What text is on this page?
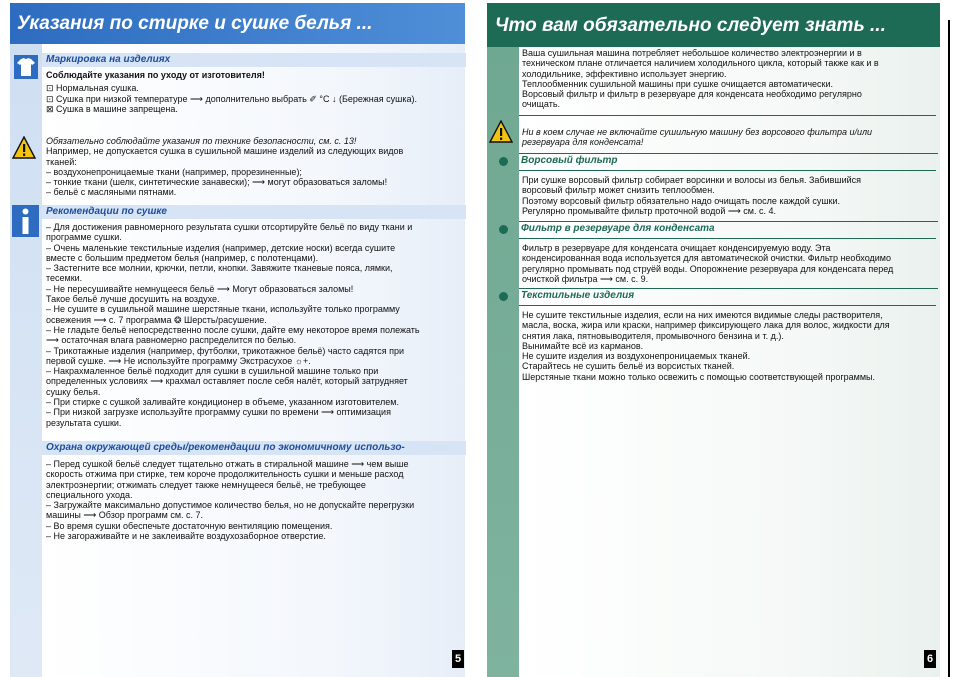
Указания по стирке и сушке белья ...
Маркировка на изделиях
Соблюдайте указания по уходу от изготовителя!
⊡ Нормальная сушка.
⊡ Сушка при низкой температуре ⟶ дополнительно выбрать ✐ °C ↓ (Бережная сушка).
⊠ Сушка в машине запрещена.
Обязательно соблюдайте указания по технике безопасности, см. с. 13!
Например, не допускается сушка в сушильной машине изделий из следующих видов
тканей:
– воздухонепроницаемые ткани (например, прорезиненные);
– тонкие ткани (шелк, синтетические занавески); ⟶ могут образоваться заломы!
– бельё с масляными пятнами.
Рекомендации по сушке
– Для достижения равномерного результата сушки отсортируйте бельё по виду ткани и
программе сушки.
– Очень маленькие текстильные изделия (например, детские носки) всегда сушите
вместе с большим предметом белья (например, с полотенцами).
– Застегните все молнии, крючки, петли, кнопки. Завяжите тканевые пояса, лямки,
тесемки.
– Не пересушивайте немнущееся бельё ⟶ Могут образоваться заломы!
Такое бельё лучше досушить на воздухе.
– Не сушите в сушильной машине шерстяные ткани, используйте только программу
освежения ⟶ с. 7 программа ❂ Шерсть/расушение.
– Не гладьте бельё непосредственно после сушки, дайте ему некоторое время полежать
⟶ остаточная влага равномерно распределится по белью.
– Трикотажные изделия (например, футболки, трикотажное бельё) часто садятся при
первой сушке. ⟶ Не используйте программу Экстрасухое ☼+.
– Накрахмаленное бельё подходит для сушки в сушильной машине только при
определенных условиях ⟶ крахмал оставляет после себя налёт, который затрудняет
сушку белья.
– При стирке с сушкой заливайте кондиционер в объеме, указанном изготовителем.
– При низкой загрузке используйте программу сушки по времени ⟶ оптимизация
результата сушки.
Охрана окружающей среды/рекомендации по экономичному использо-
– Перед сушкой бельё следует тщательно отжать в стиральной машине ⟶ чем выше
скорость отжима при стирке, тем короче продолжительность сушки и меньше расход
электроэнергии; отжимать следует также немнущееся бельё, не требующее
специального ухода.
– Загружайте максимально допустимое количество белья, но не допускайте перегрузки
машины ⟶ Обзор программ см. с. 7.
– Во время сушки обеспечьте достаточную вентиляцию помещения.
– Не загораживайте и не заклеивайте воздухозаборное отверстие.
5
Что вам обязательно следует знать ...
Ваша сушильная машина потребляет небольшое количество электроэнергии и в
техническом плане отличается наличием холодильного цикла, который также как и в
холодильнике, эффективно использует энергию.
Теплообменник сушильной машины при сушке очищается автоматически.
Ворсовый фильтр и фильтр в резервуаре для конденсата необходимо регулярно
очищать.
Ни в коем случае не включайте сушильную машину без ворсового фильтра и/или
резервуара для конденсата!
Ворсовый фильтр
При сушке ворсовый фильтр собирает ворсинки и волосы из белья. Забившийся
ворсовый фильтр может снизить теплообмен.
Поэтому ворсовый фильтр обязательно надо очищать после каждой сушки.
Регулярно промывайте фильтр проточной водой ⟶ см. с. 4.
Фильтр в резервуаре для конденсата
Фильтр в резервуаре для конденсата очищает конденсируемую воду. Эта
конденсированная вода используется для автоматической очистки. Фильтр необходимо
регулярно промывать под струёй воды. Опорожнение резервуара для конденсата перед
очисткой фильтра ⟶ см. с. 9.
Текстильные изделия
Не сушите текстильные изделия, если на них имеются видимые следы растворителя,
масла, воска, жира или краски, например фиксирующего лака для волос, жидкости для
снятия лака, пятновыводителя, промывочного бензина и т. д.).
Вынимайте всё из карманов.
Не сушите изделия из воздухонепроницаемых тканей.
Старайтесь не сушить бельё из ворсистых тканей.
Шерстяные ткани можно только освежить с помощью соответствующей программы.
6
